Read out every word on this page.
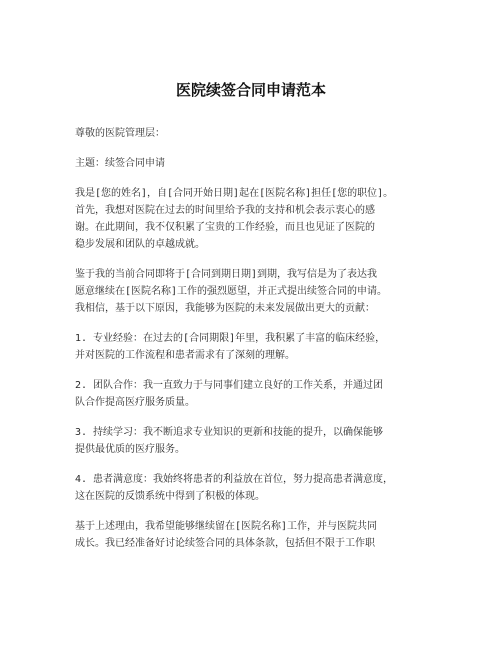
医院续签合同申请范本
尊敬的医院管理层：
主题：续签合同申请
我是[您的姓名]，自[合同开始日期]起在[医院名称]担任[您的职位]。
首先，我想对医院在过去的时间里给予我的支持和机会表示衷心的感
谢。在此期间，我不仅积累了宝贵的工作经验，而且也见证了医院的
稳步发展和团队的卓越成就。
鉴于我的当前合同即将于[合同到期日期]到期，我写信是为了表达我
愿意继续在[医院名称]工作的强烈愿望，并正式提出续签合同的申请。
我相信，基于以下原因，我能够为医院的未来发展做出更大的贡献：
1. 专业经验：在过去的[合同期限]年里，我积累了丰富的临床经验，
并对医院的工作流程和患者需求有了深刻的理解。
2. 团队合作：我一直致力于与同事们建立良好的工作关系，并通过团
队合作提高医疗服务质量。
3. 持续学习：我不断追求专业知识的更新和技能的提升，以确保能够
提供最优质的医疗服务。
4. 患者满意度：我始终将患者的利益放在首位，努力提高患者满意度，
这在医院的反馈系统中得到了积极的体现。
基于上述理由，我希望能够继续留在[医院名称]工作，并与医院共同
成长。我已经准备好讨论续签合同的具体条款，包括但不限于工作职
